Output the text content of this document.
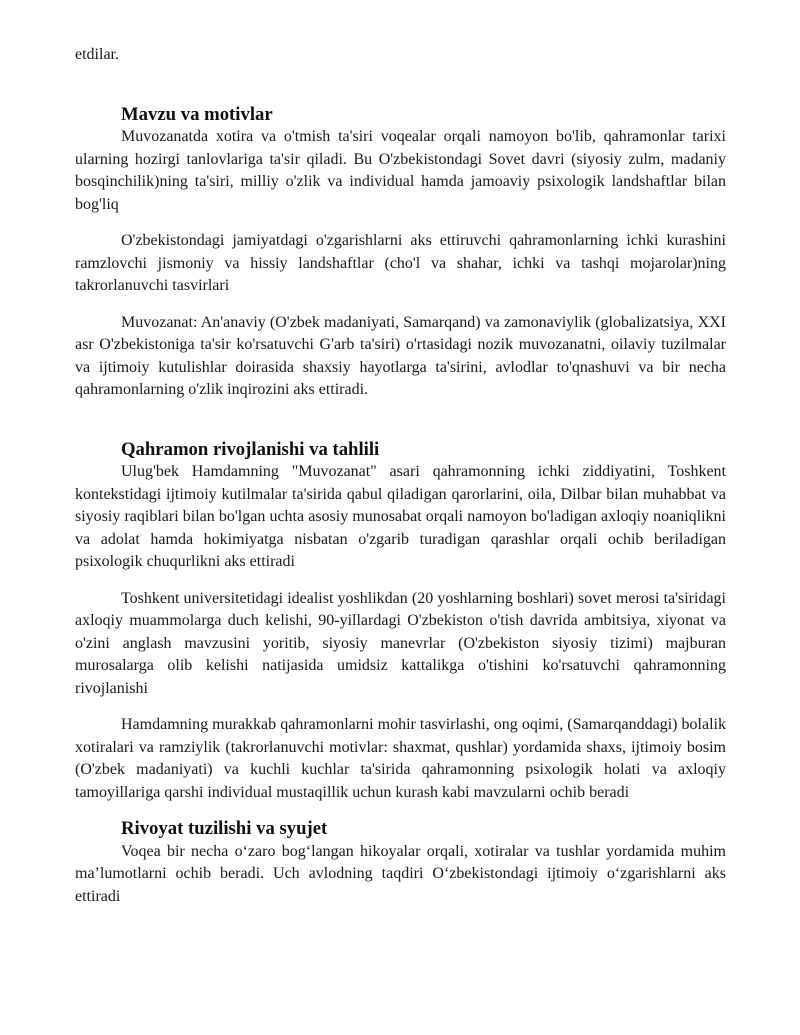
etdilar.

Mavzu va motivlar

Muvozanatda xotira va o'tmish ta'siri voqealar orqali namoyon bo'lib, qahramonlar tarixi ularning hozirgi tanlovlariga ta'sir qiladi. Bu O'zbekistondagi Sovet davri (siyosiy zulm, madaniy bosqinchilik)ning ta'siri, milliy o'zlik va individual hamda jamoaviy psixologik landshaftlar bilan bog'liq

O'zbekistondagi jamiyatdagi o'zgarishlarni aks ettiruvchi qahramonlarning ichki kurashini ramzlovchi jismoniy va hissiy landshaftlar (cho'l va shahar, ichki va tashqi mojarolar)ning takrorlanuvchi tasvirlari

Muvozanat: An'anaviy (O'zbek madaniyati, Samarqand) va zamonaviylik (globalizatsiya, XXI asr O'zbekistoniga ta'sir ko'rsatuvchi G'arb ta'siri) o'rtasidagi nozik muvozanatni, oilaviy tuzilmalar va ijtimoiy kutulishlar doirasida shaxsiy hayotlarga ta'sirini, avlodlar to'qnashuvi va bir necha qahramonlarning o'zlik inqirozini aks ettiradi.

Qahramon rivojlanishi va tahlili

Ulug'bek Hamdamning "Muvozanat" asari qahramonning ichki ziddiyatini, Toshkent kontekstidagi ijtimoiy kutilmalar ta'sirida qabul qiladigan qarorlarini, oila, Dilbar bilan muhabbat va siyosiy raqiblari bilan bo'lgan uchta asosiy munosabat orqali namoyon bo'ladigan axloqiy noaniqlikni va adolat hamda hokimiyatga nisbatan o'zgarib turadigan qarashlar orqali ochib beriladigan psixologik chuqurlikni aks ettiradi

Toshkent universitetidagi idealist yoshlikdan (20 yoshlarning boshlari) sovet merosi ta'siridagi axloqiy muammolarga duch kelishi, 90-yillardagi O'zbekiston o'tish davrida ambitsiya, xiyonat va o'zini anglash mavzusini yoritib, siyosiy manevrlar (O'zbekiston siyosiy tizimi) majburan murosalarga olib kelishi natijasida umidsiz kattalikga o'tishini ko'rsatuvchi qahramonning rivojlanishi

Hamdamning murakkab qahramonlarni mohir tasvirlashi, ong oqimi, (Samarqanddagi) bolalik xotiralari va ramziylik (takrorlanuvchi motivlar: shaxmat, qushlar) yordamida shaxs, ijtimoiy bosim (O'zbek madaniyati) va kuchli kuchlar ta'sirida qahramonning psixologik holati va axloqiy tamoyillariga qarshi individual mustaqillik uchun kurash kabi mavzularni ochib beradi

Rivoyat tuzilishi va syujet

Voqea bir necha o‘zaro bog‘langan hikoyalar orqali, xotiralar va tushlar yordamida muhim ma’lumotlarni ochib beradi. Uch avlodning taqdiri O‘zbekistondagi ijtimoiy o‘zgarishlarni aks ettiradi
